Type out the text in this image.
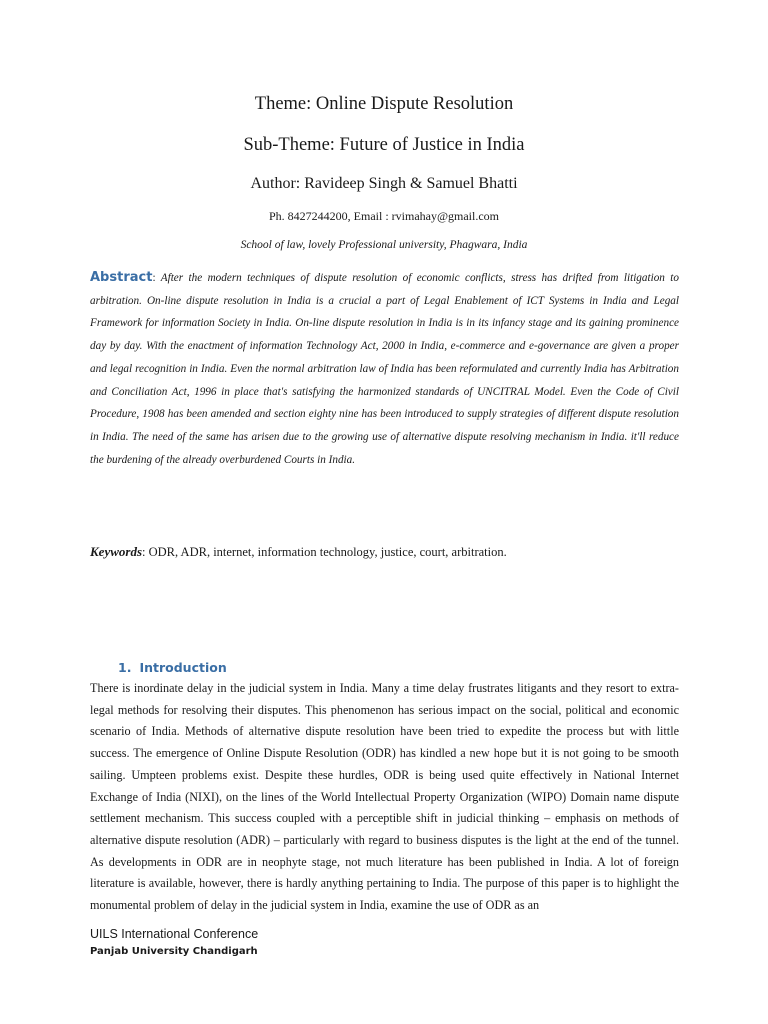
Theme: Online Dispute Resolution
Sub-Theme: Future of Justice in India
Author: Ravideep Singh & Samuel Bhatti
Ph. 8427244200, Email : rvimahay@gmail.com
School of law, lovely Professional university, Phagwara, India
Abstract: After the modern techniques of dispute resolution of economic conflicts, stress has drifted from litigation to arbitration. On-line dispute resolution in India is a crucial a part of Legal Enablement of ICT Systems in India and Legal Framework for information Society in India. On-line dispute resolution in India is in its infancy stage and its gaining prominence day by day. With the enactment of information Technology Act, 2000 in India, e-commerce and e-governance are given a proper and legal recognition in India. Even the normal arbitration law of India has been reformulated and currently India has Arbitration and Conciliation Act, 1996 in place that's satisfying the harmonized standards of UNCITRAL Model. Even the Code of Civil Procedure, 1908 has been amended and section eighty nine has been introduced to supply strategies of different dispute resolution in India. The need of the same has arisen due to the growing use of alternative dispute resolving mechanism in India. it'll reduce the burdening of the already overburdened Courts in India.
Keywords: ODR, ADR, internet, information technology, justice, court, arbitration.
1. Introduction
There is inordinate delay in the judicial system in India. Many a time delay frustrates litigants and they resort to extra-legal methods for resolving their disputes. This phenomenon has serious impact on the social, political and economic scenario of India. Methods of alternative dispute resolution have been tried to expedite the process but with little success. The emergence of Online Dispute Resolution (ODR) has kindled a new hope but it is not going to be smooth sailing. Umpteen problems exist. Despite these hurdles, ODR is being used quite effectively in National Internet Exchange of India (NIXI), on the lines of the World Intellectual Property Organization (WIPO) Domain name dispute settlement mechanism. This success coupled with a perceptible shift in judicial thinking – emphasis on methods of alternative dispute resolution (ADR) – particularly with regard to business disputes is the light at the end of the tunnel. As developments in ODR are in neophyte stage, not much literature has been published in India. A lot of foreign literature is available, however, there is hardly anything pertaining to India. The purpose of this paper is to highlight the monumental problem of delay in the judicial system in India, examine the use of ODR as an
UILS International Conference
Panjab University Chandigarh
